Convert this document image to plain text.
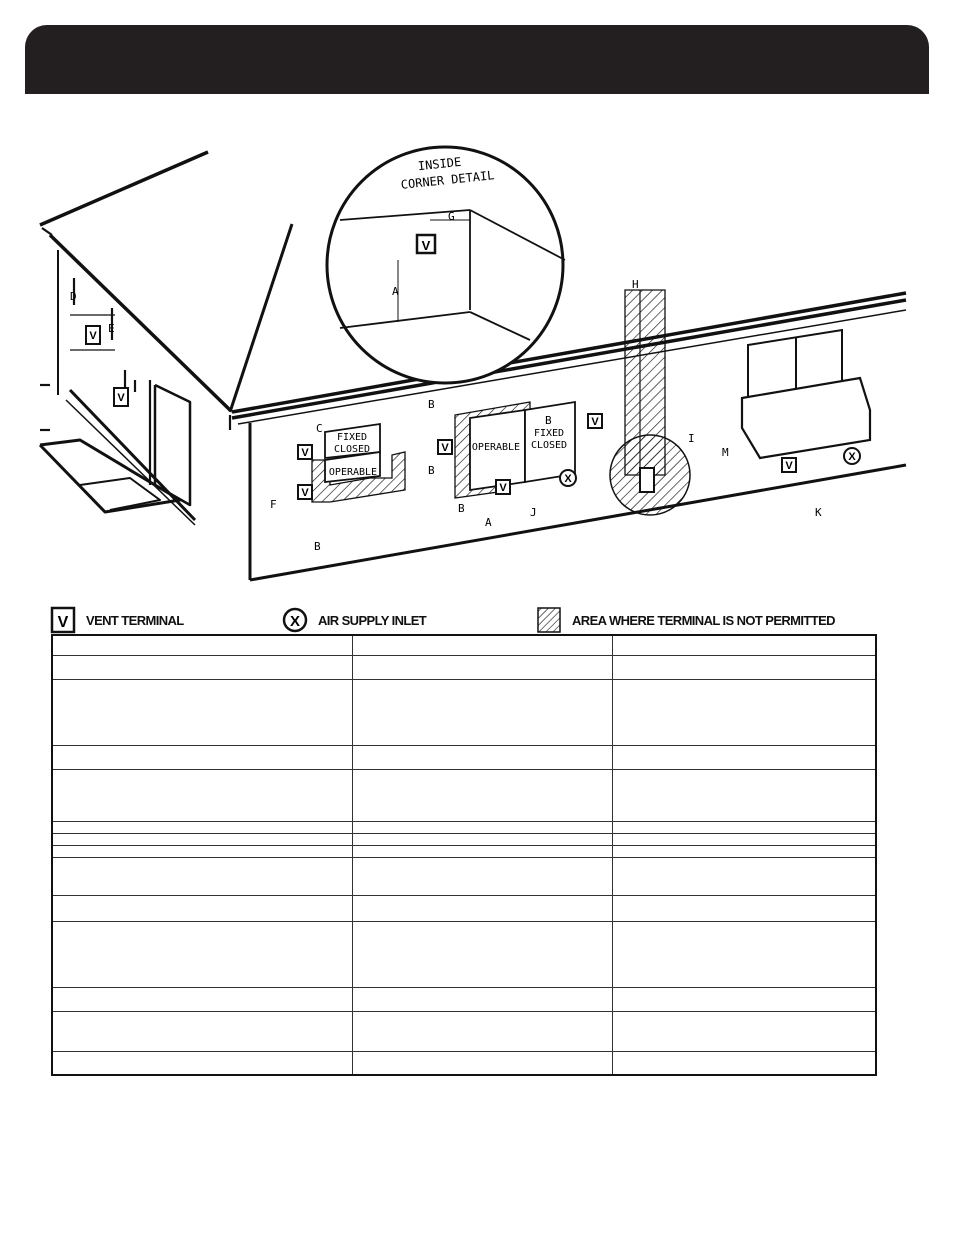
V
INSIDE
CORNER DETAIL
G
A
FIXED
CLOSED
OPERABLE
V
V
C
F
B
OPERABLE
FIXED
CLOSED
V
V
V
X
B
B
B
B
A
J
H
I
V
X
M
K
V
V
D
E
V VENT TERMINAL	X AIR SUPPLY INLET	AREA WHERE TERMINAL IS NOT PERMITTED
